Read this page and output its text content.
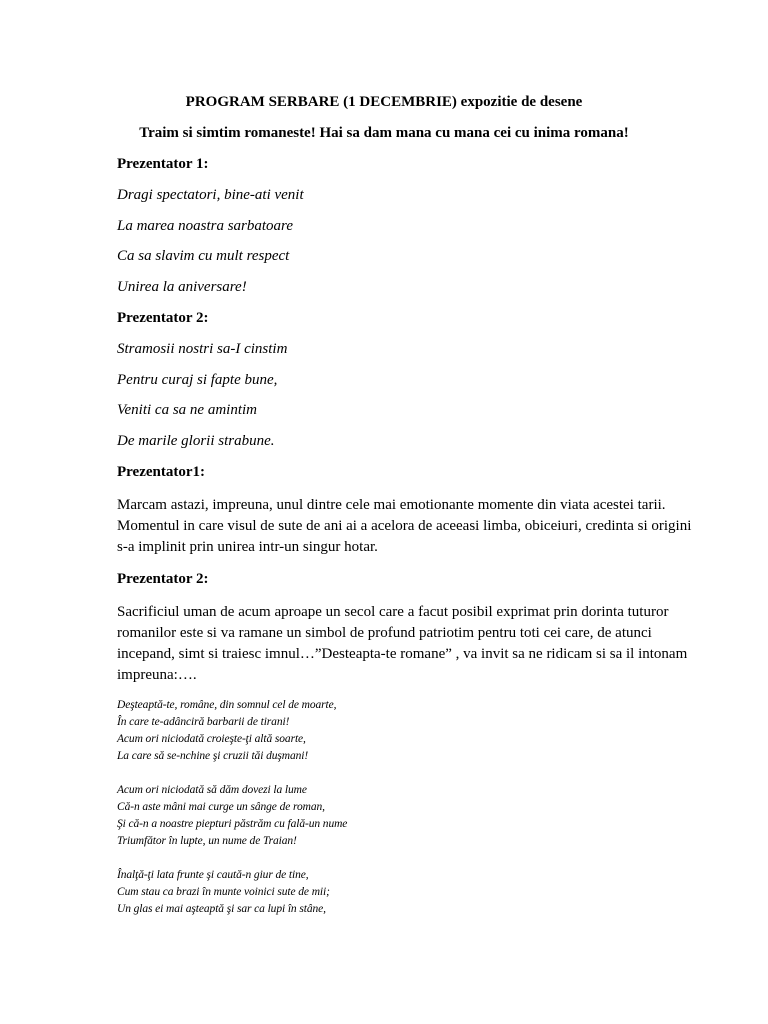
PROGRAM SERBARE (1 DECEMBRIE) expozitie de desene
Traim si simtim romaneste! Hai sa dam mana cu mana cei cu inima romana!
Prezentator 1:
Dragi spectatori, bine-ati venit
La marea noastra sarbatoare
Ca sa slavim cu mult respect
Unirea la aniversare!
Prezentator 2:
Stramosii nostri sa-I cinstim
Pentru curaj si fapte bune,
Veniti ca sa ne amintim
De marile glorii strabune.
Prezentator1:
Marcam astazi, impreuna, unul dintre cele mai emotionante momente din viata acestei tarii.
Momentul in care visul de sute de ani ai a acelora de aceeasi limba, obiceiuri, credinta si origini
s-a implinit prin unirea intr-un singur hotar.
Prezentator 2:
Sacrificiul uman de acum aproape un secol care a facut posibil exprimat prin dorinta tuturor
romanilor este si va ramane un simbol de profund patriotim pentru toti cei care, de atunci
incepand, simt si traiesc imnul…”Desteapta-te romane” , va invit sa ne ridicam si sa il intonam
impreuna:….
Deşteaptă-te, române, din somnul cel de moarte,
În care te-adânciră barbarii de tirani!
Acum ori niciodată croieşte-ţi altă soarte,
La care să se-nchine şi cruzii tăi duşmani!
Acum ori niciodată să dăm dovezi la lume
Că-n aste mâni mai curge un sânge de roman,
Şi că-n a noastre piepturi păstrăm cu fală-un nume
Triumfător în lupte, un nume de Traian!
Înalţă-ţi lata frunte şi caută-n giur de tine,
Cum stau ca brazi în munte voinici sute de mii;
Un glas ei mai aşteaptă şi sar ca lupi în stâne,
